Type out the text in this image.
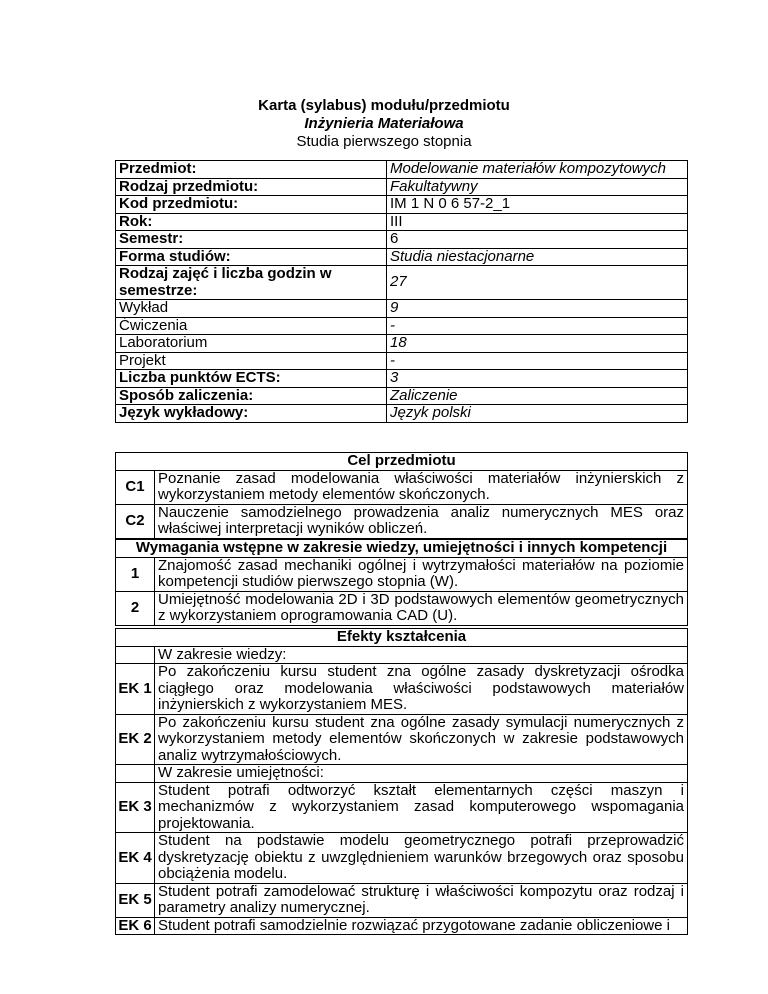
Karta (sylabus) modułu/przedmiotu
Inżynieria Materiałowa
Studia pierwszego stopnia
Przedmiot:	Modelowanie materiałów kompozytowych
Rodzaj przedmiotu:	Fakultatywny
Kod przedmiotu:	IM 1 N 0 6 57-2_1
Rok:	III
Semestr:	6
Forma studiów:	Studia niestacjonarne
Rodzaj zajęć i liczba godzin w semestrze:	27
Wykład	9
Ćwiczenia	-
Laboratorium	18
Projekt	-
Liczba punktów ECTS:	3
Sposób zaliczenia:	Zaliczenie
Język wykładowy:	Język polski
Cel przedmiotu	
C1	Poznanie zasad modelowania właściwości materiałów inżynierskich z wykorzystaniem metody elementów skończonych.
C2	Nauczenie samodzielnego prowadzenia analiz numerycznych MES oraz właściwej interpretacji wyników obliczeń.
Wymagania wstępne w zakresie wiedzy, umiejętności i innych kompetencji	
1	Znajomość zasad mechaniki ogólnej i wytrzymałości materiałów na poziomie kompetencji studiów pierwszego stopnia (W).
2	Umiejętność modelowania 2D i 3D podstawowych elementów geometrycznych z wykorzystaniem oprogramowania CAD (U).
Efekty kształcenia	
	W zakresie wiedzy:
EK 1	Po zakończeniu kursu student zna ogólne zasady dyskretyzacji ośrodka ciągłego oraz modelowania właściwości podstawowych materiałów inżynierskich z wykorzystaniem MES.
EK 2	Po zakończeniu kursu student zna ogólne zasady symulacji numerycznych z wykorzystaniem metody elementów skończonych w zakresie podstawowych analiz wytrzymałościowych.
	W zakresie umiejętności:
EK 3	Student potrafi odtworzyć kształt elementarnych części maszyn i mechanizmów z wykorzystaniem zasad komputerowego wspomagania projektowania.
EK 4	Student na podstawie modelu geometrycznego potrafi przeprowadzić dyskretyzację obiektu z uwzględnieniem warunków brzegowych oraz sposobu obciążenia modelu.
EK 5	Student potrafi zamodelować strukturę i właściwości kompozytu oraz rodzaj i parametry analizy numerycznej.
EK 6	Student potrafi samodzielnie rozwiązać przygotowane zadanie obliczeniowe i
